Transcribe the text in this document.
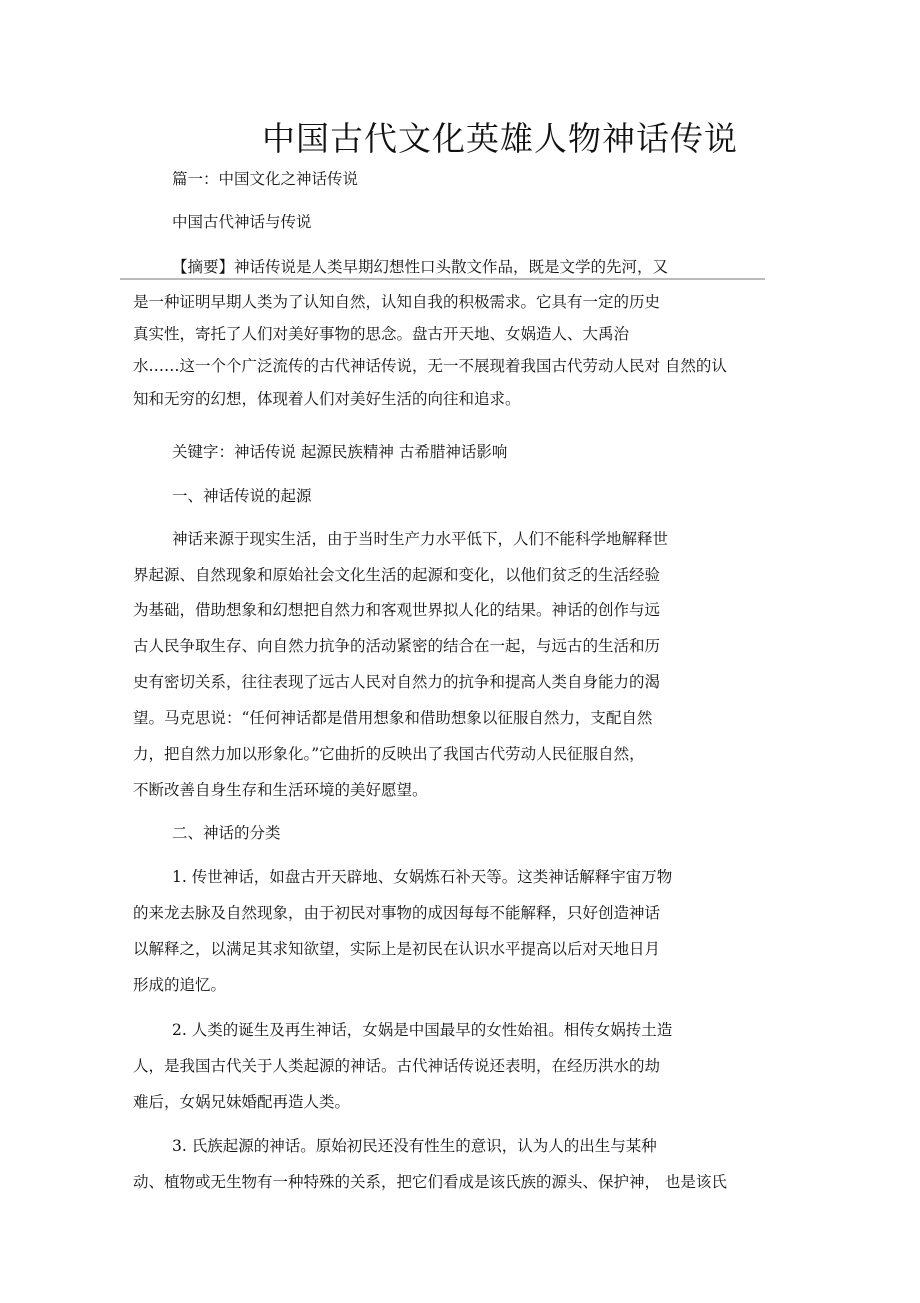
中国古代文化英雄人物神话传说
篇一：中国文化之神话传说
中国古代神话与传说
【摘要】神话传说是人类早期幻想性口头散文作品，既是文学的先河，又
是一种证明早期人类为了认知自然，认知自我的积极需求。它具有一定的历史
真实性，寄托了人们对美好事物的思念。盘古开天地、女娲造人、大禹治
水……这一个个广泛流传的古代神话传说，无一不展现着我国古代劳动人民对 自然的认
知和无穷的幻想，体现着人们对美好生活的向往和追求。
关键字：神话传说 起源民族精神 古希腊神话影响
一、神话传说的起源
神话来源于现实生活，由于当时生产力水平低下，人们不能科学地解释世
界起源、自然现象和原始社会文化生活的起源和变化，以他们贫乏的生活经验
为基础，借助想象和幻想把自然力和客观世界拟人化的结果。神话的创作与远
古人民争取生存、向自然力抗争的活动紧密的结合在一起，与远古的生活和历
史有密切关系，往往表现了远古人民对自然力的抗争和提高人类自身能力的渴
望。马克思说：“任何神话都是借用想象和借助想象以征服自然力，支配自然
力，把自然力加以形象化。”它曲折的反映出了我国古代劳动人民征服自然，
不断改善自身生存和生活环境的美好愿望。
二、神话的分类
1. 传世神话，如盘古开天辟地、女娲炼石补天等。这类神话解释宇宙万物
的来龙去脉及自然现象，由于初民对事物的成因每每不能解释，只好创造神话
以解释之，以满足其求知欲望，实际上是初民在认识水平提高以后对天地日月
形成的追忆。
2. 人类的诞生及再生神话，女娲是中国最早的女性始祖。相传女娲抟土造
人，是我国古代关于人类起源的神话。古代神话传说还表明，在经历洪水的劫
难后，女娲兄妹婚配再造人类。
3. 氏族起源的神话。原始初民还没有性生的意识，认为人的出生与某种
动、植物或无生物有一种特殊的关系，把它们看成是该氏族的源头、保护神， 也是该氏
